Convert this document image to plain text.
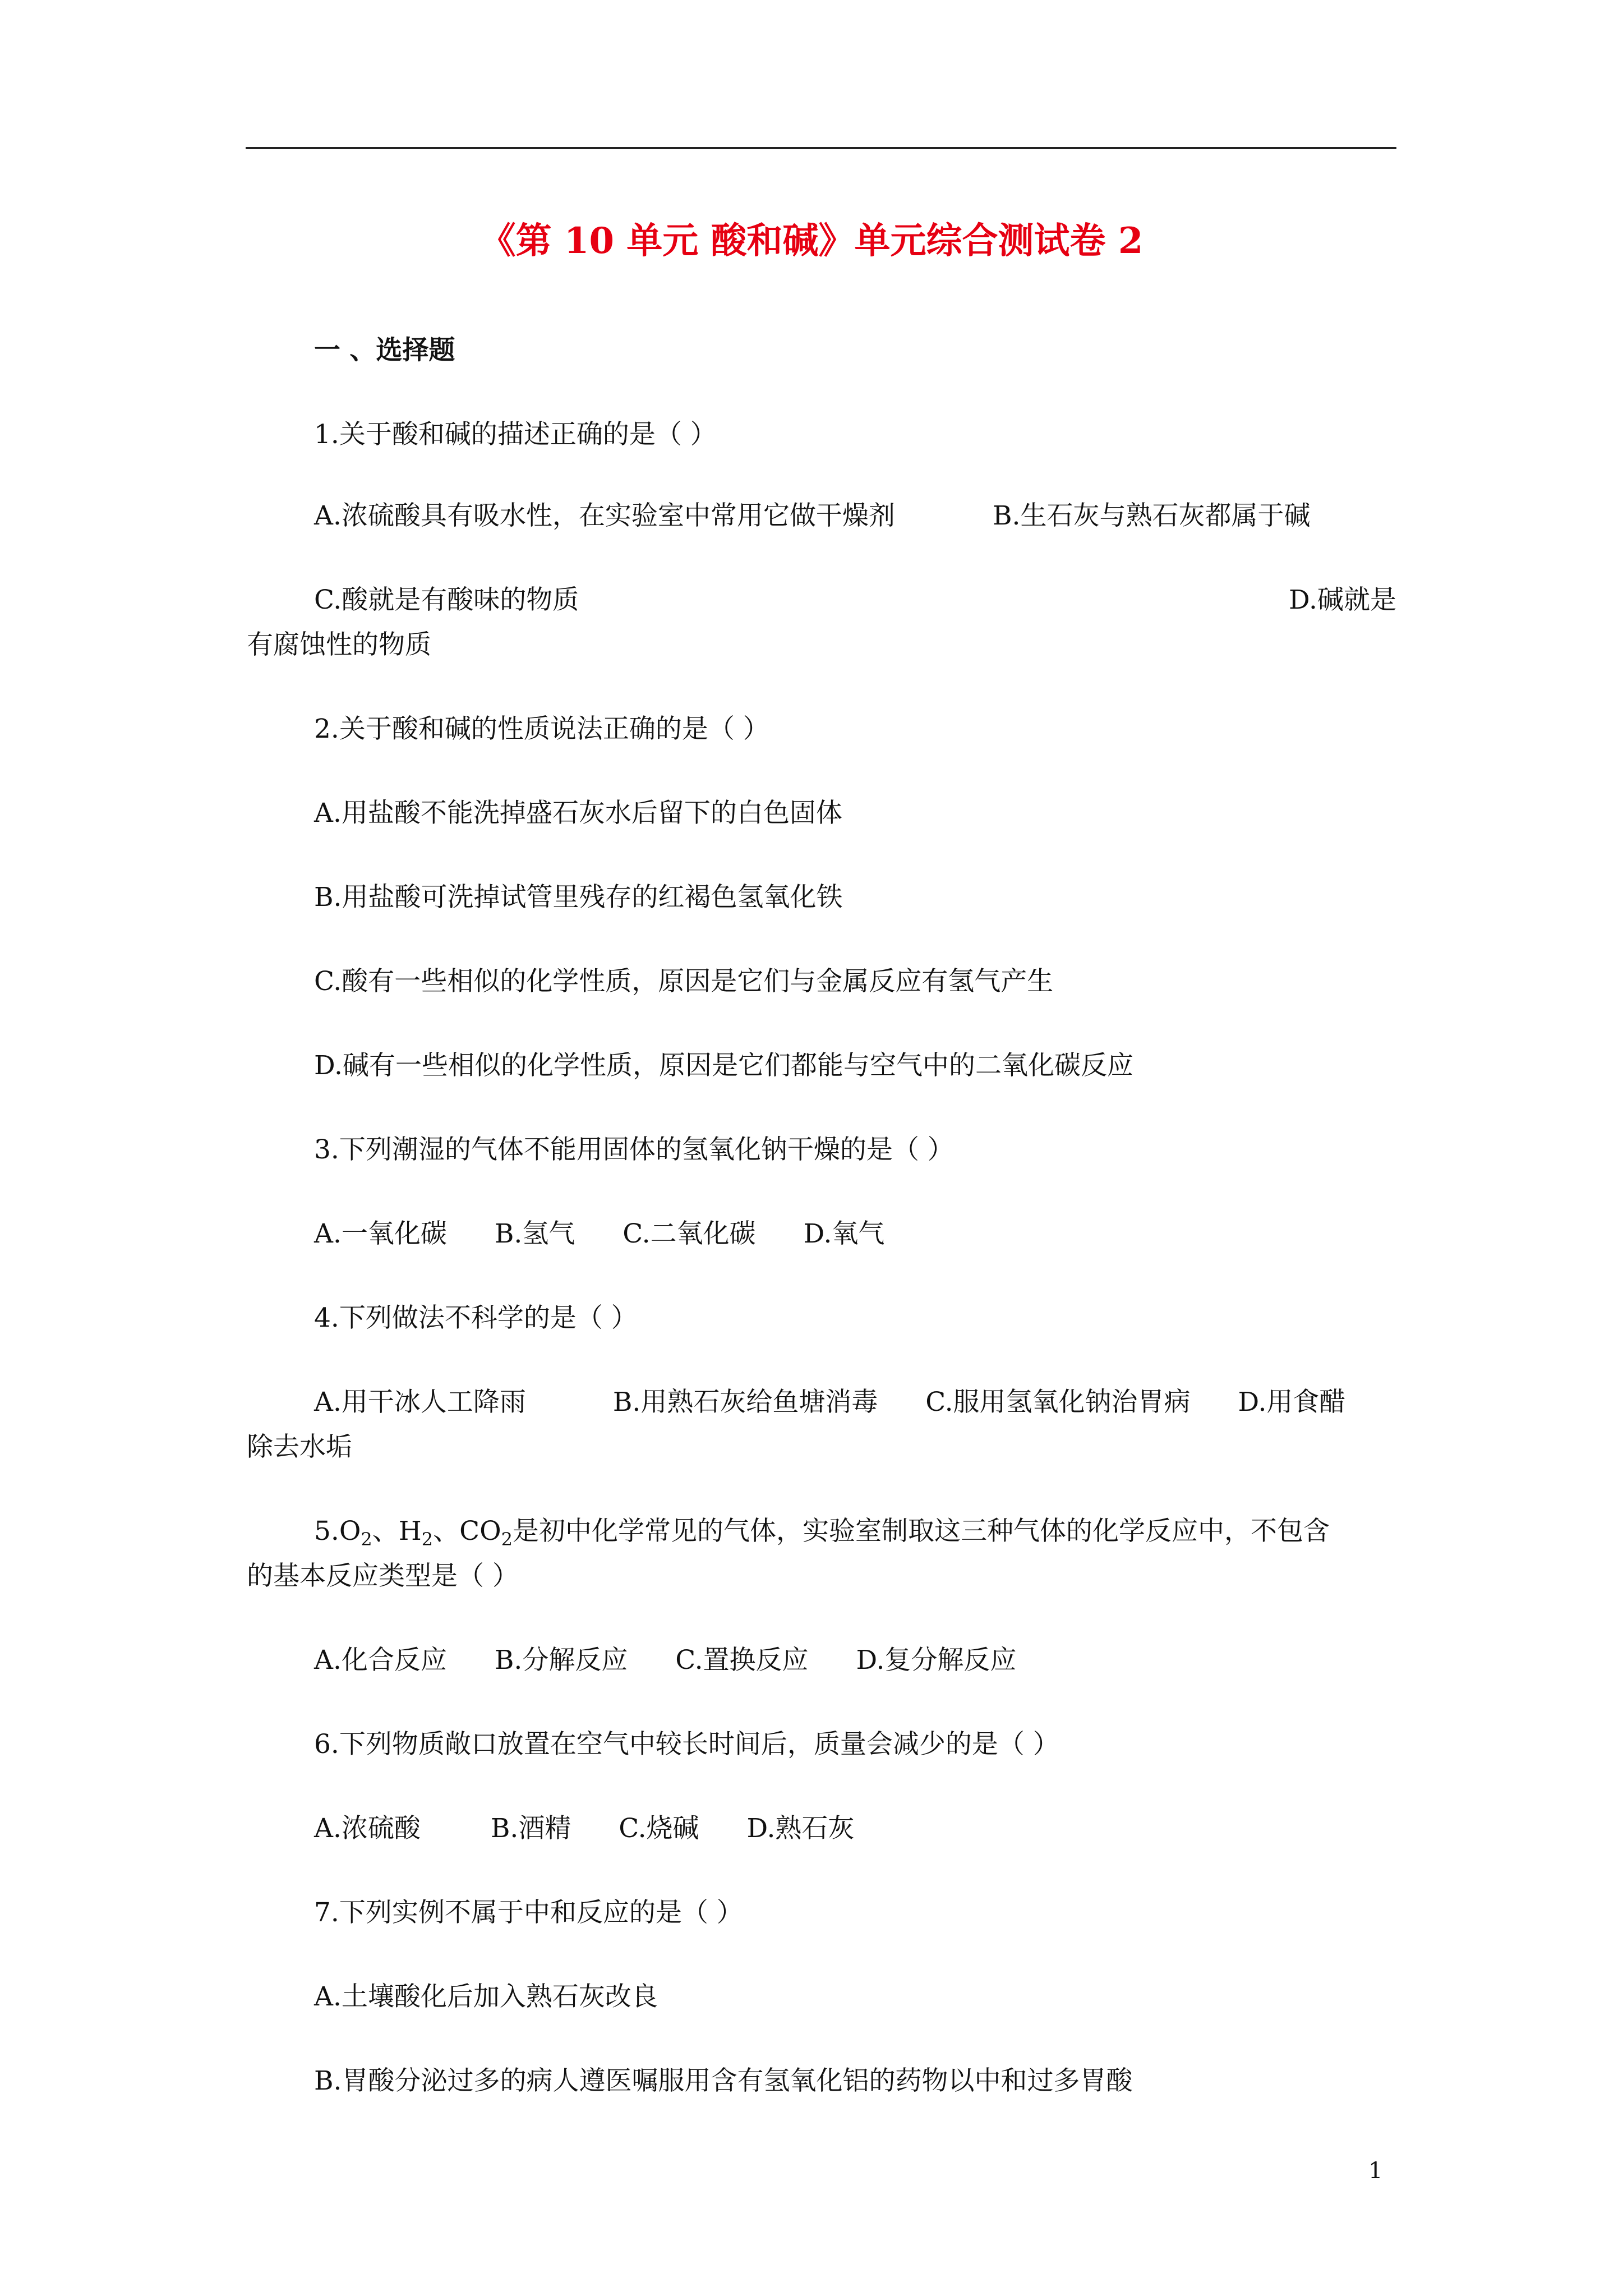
《第 10 单元 酸和碱》单元综合测试卷 2
一 、选择题
1.关于酸和碱的描述正确的是（ ）
A.浓硫酸具有吸水性，在实验室中常用它做干燥剂	B.生石灰与熟石灰都属于碱
C.酸就是有酸味的物质	D.碱就是
有腐蚀性的物质
2.关于酸和碱的性质说法正确的是（ ）
A.用盐酸不能洗掉盛石灰水后留下的白色固体
B.用盐酸可洗掉试管里残存的红褐色氢氧化铁
C.酸有一些相似的化学性质，原因是它们与金属反应有氢气产生
D.碱有一些相似的化学性质，原因是它们都能与空气中的二氧化碳反应
3.下列潮湿的气体不能用固体的氢氧化钠干燥的是（ ）
A.一氧化碳 B.氢气 C.二氧化碳 D.氧气
4.下列做法不科学的是（ ）
A.用干冰人工降雨	B.用熟石灰给鱼塘消毒 C.服用氢氧化钠治胃病 D.用食醋
除去水垢
$5.O_2$、$H_2$、$CO_2$是初中化学常见的气体，实验室制取这三种气体的化学反应中，不包含
的基本反应类型是（ ）
A.化合反应 B.分解反应 C.置换反应 D.复分解反应
6.下列物质敞口放置在空气中较长时间后，质量会减少的是（ ）
A.浓硫酸	B.酒精 C.烧碱 D.熟石灰
7.下列实例不属于中和反应的是（ ）
A.土壤酸化后加入熟石灰改良
B.胃酸分泌过多的病人遵医嘱服用含有氢氧化铝的药物以中和过多胃酸
1
